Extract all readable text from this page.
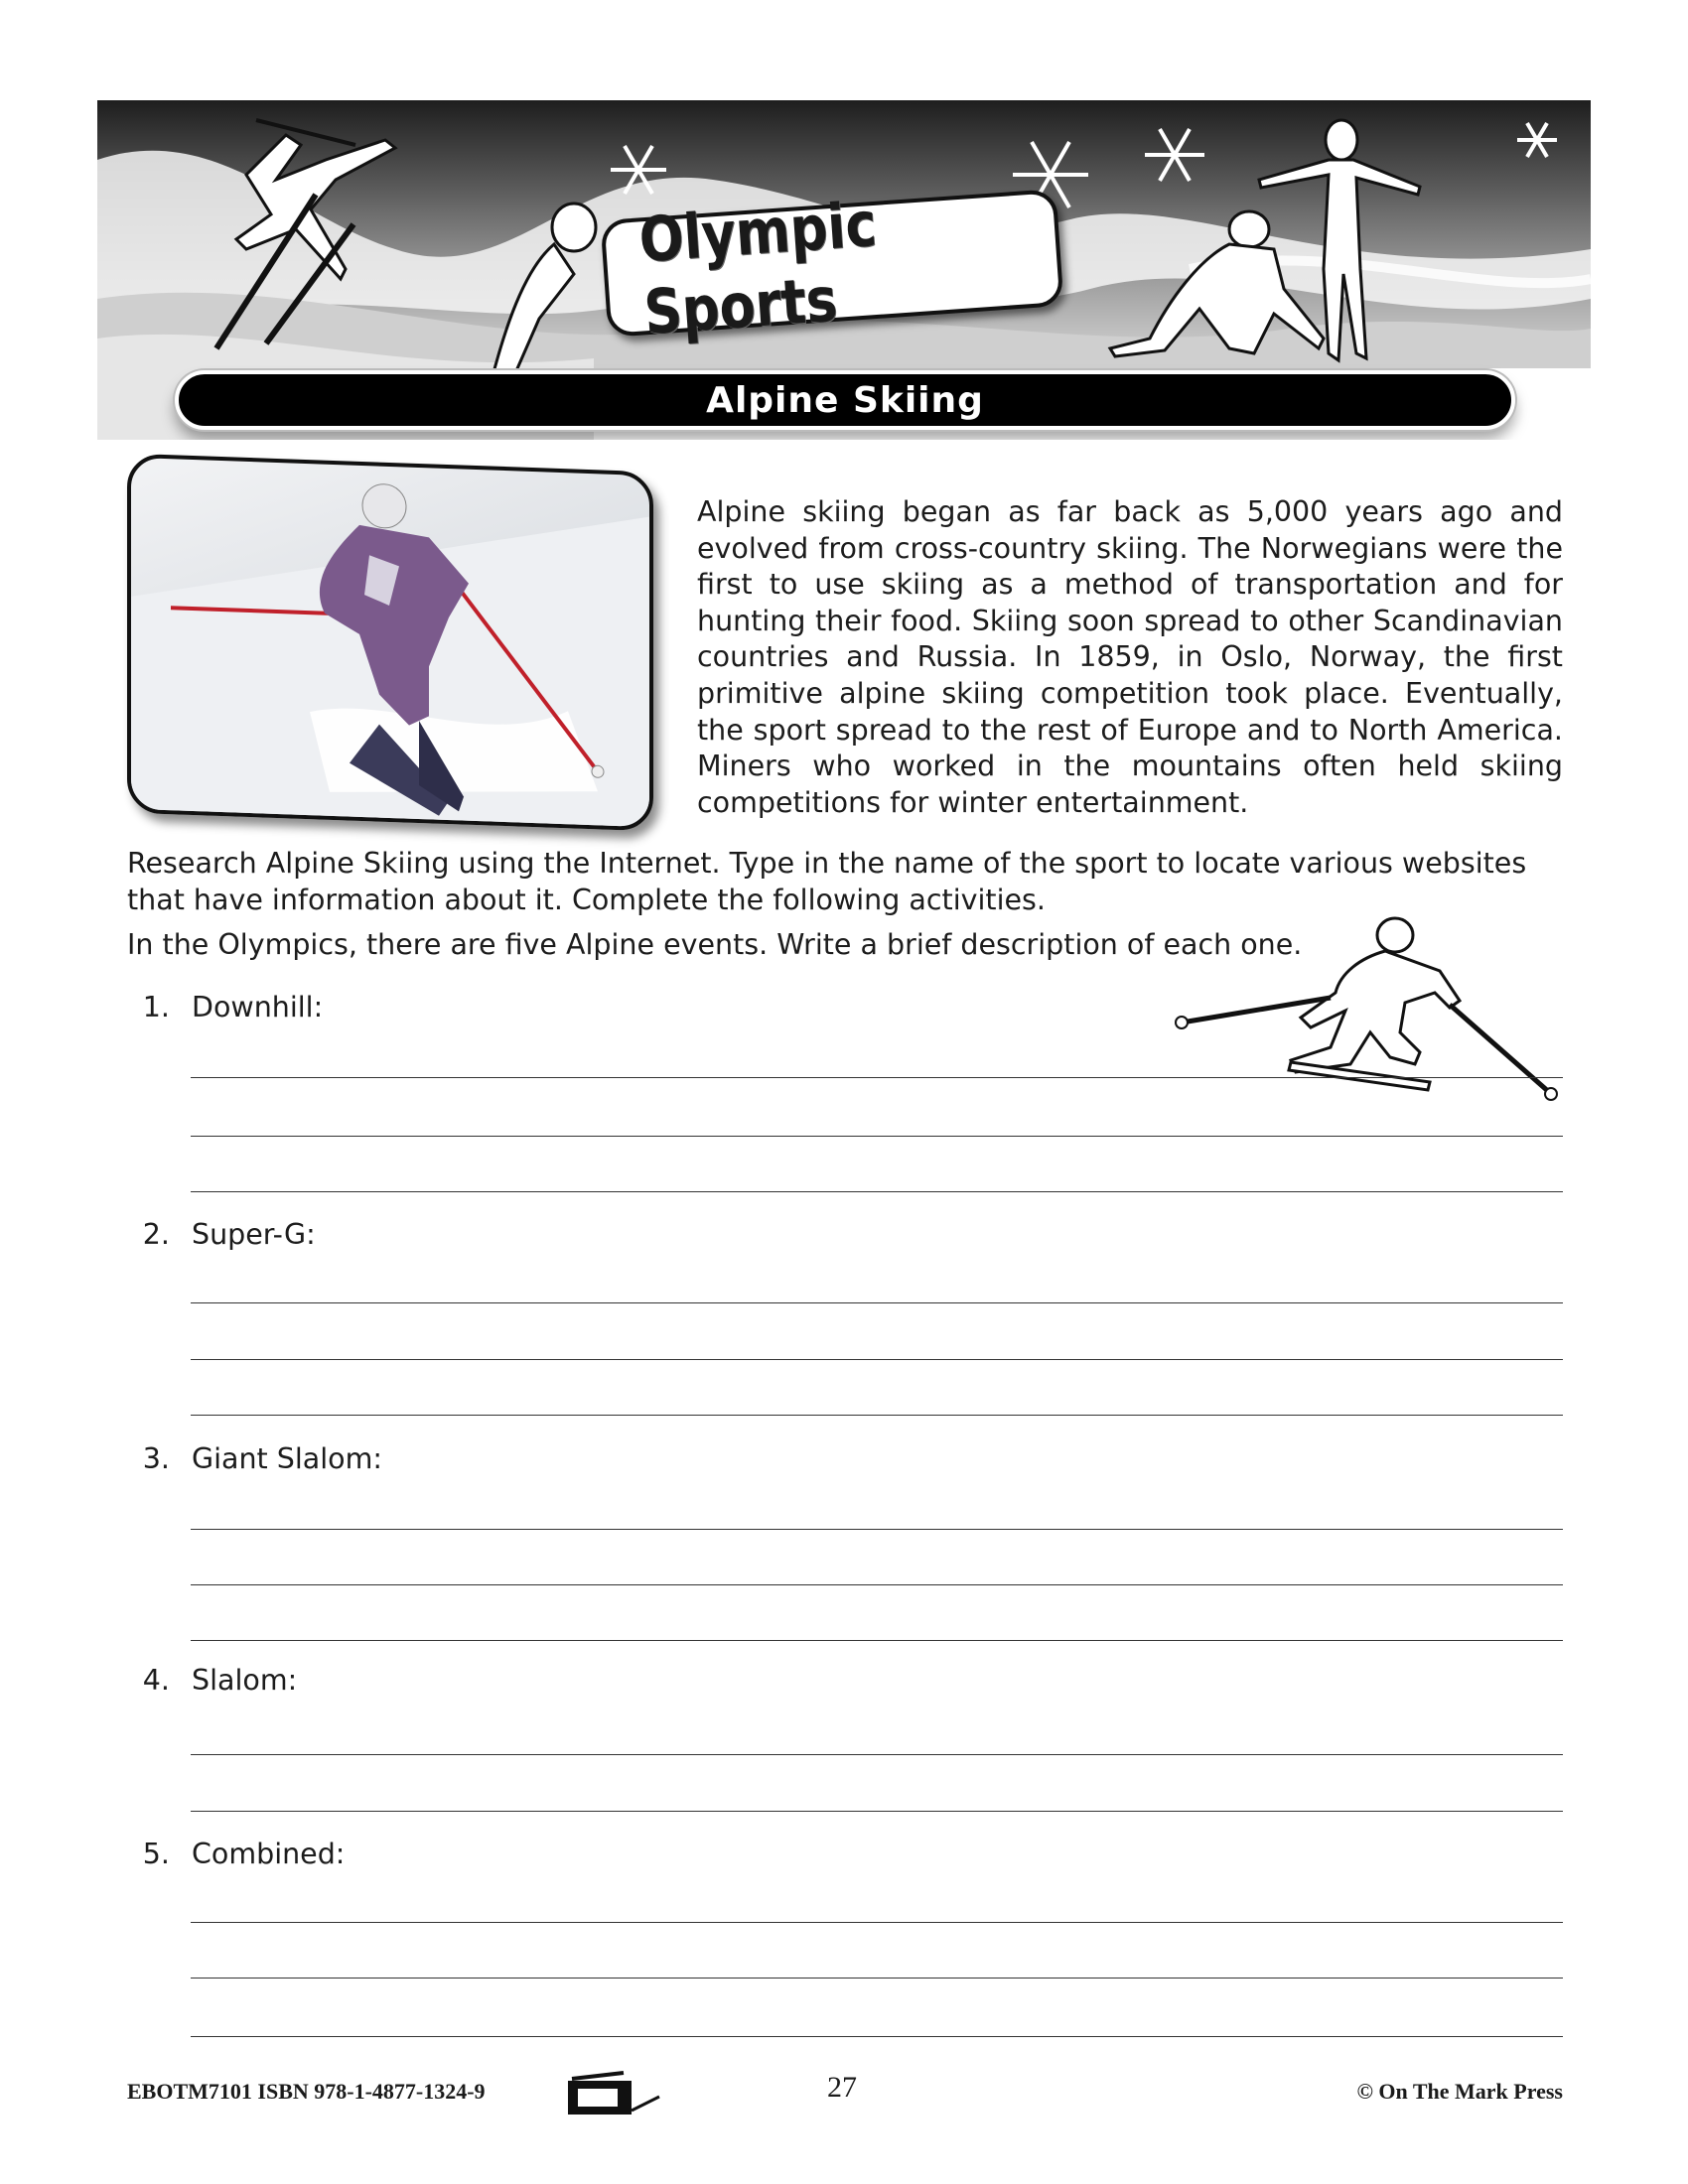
Olympic Sports
Alpine Skiing
Alpine skiing began as far back as 5,000 years ago and evolved from cross-country skiing. The Norwegians were the first to use skiing as a method of transportation and for hunting their food. Skiing soon spread to other Scandinavian countries and Russia. In 1859, in Oslo, Norway, the first primitive alpine skiing competition took place. Eventually, the sport spread to the rest of Europe and to North America. Miners who worked in the mountains often held skiing competitions for winter entertainment.
Research Alpine Skiing using the Internet. Type in the name of the sport to locate various websites that have information about it. Complete the following activities.
In the Olympics, there are five Alpine events. Write a brief description of each one.
1. Downhill:
2. Super-G:
3. Giant Slalom:
4. Slalom:
5. Combined:
EBOTM7101 ISBN 978-1-4877-1324-9	27	© On The Mark Press
